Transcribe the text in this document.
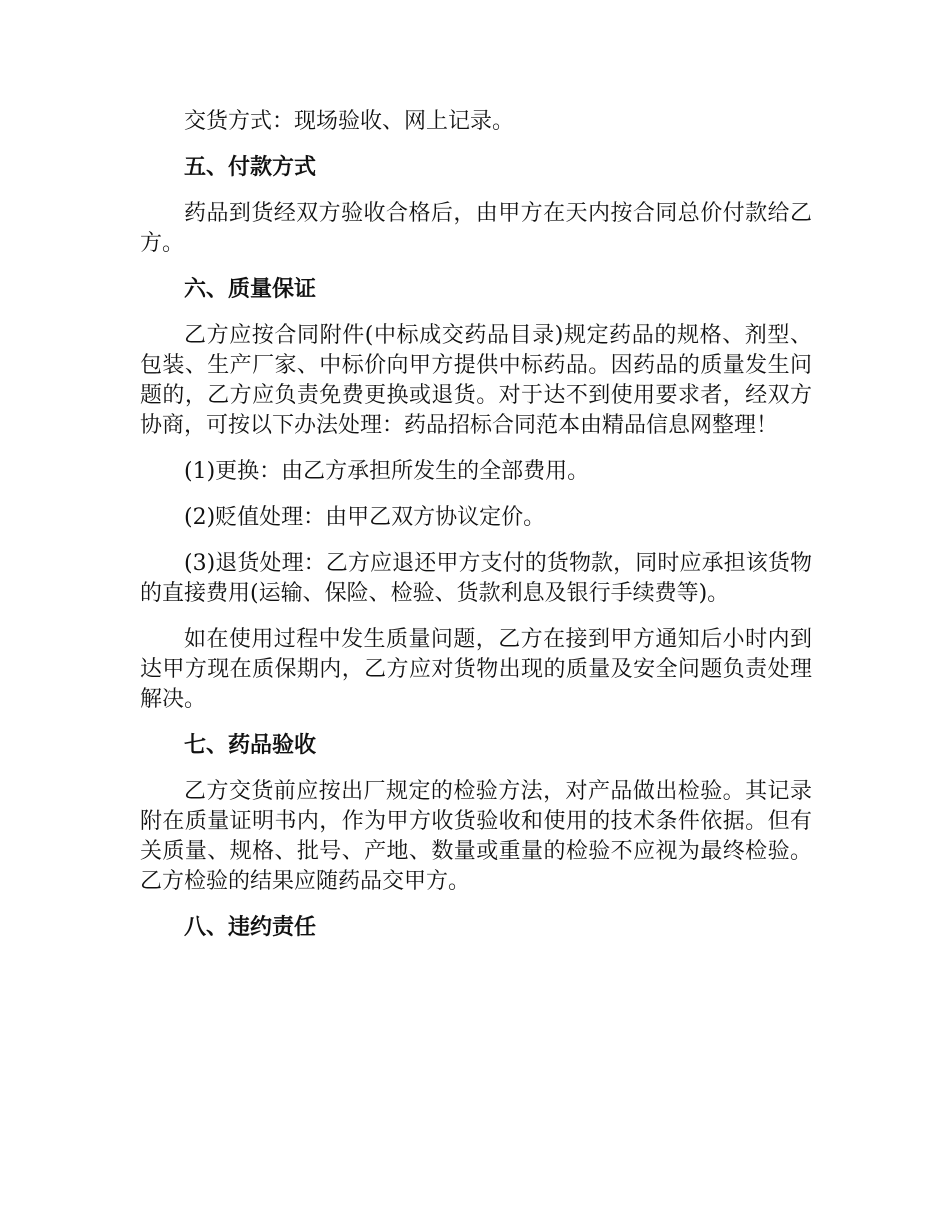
交货方式：现场验收、网上记录。

五、付款方式

药品到货经双方验收合格后，由甲方在天内按合同总价付款给乙方。

六、质量保证

乙方应按合同附件(中标成交药品目录)规定药品的规格、剂型、包装、生产厂家、中标价向甲方提供中标药品。因药品的质量发生问题的，乙方应负责免费更换或退货。对于达不到使用要求者，经双方协商，可按以下办法处理：药品招标合同范本由精品信息网整理！

(1)更换：由乙方承担所发生的全部费用。

(2)贬值处理：由甲乙双方协议定价。

(3)退货处理：乙方应退还甲方支付的货物款，同时应承担该货物的直接费用(运输、保险、检验、货款利息及银行手续费等)。

如在使用过程中发生质量问题，乙方在接到甲方通知后小时内到达甲方现在质保期内，乙方应对货物出现的质量及安全问题负责处理解决。

七、药品验收

乙方交货前应按出厂规定的检验方法，对产品做出检验。其记录附在质量证明书内，作为甲方收货验收和使用的技术条件依据。但有关质量、规格、批号、产地、数量或重量的检验不应视为最终检验。乙方检验的结果应随药品交甲方。

八、违约责任
